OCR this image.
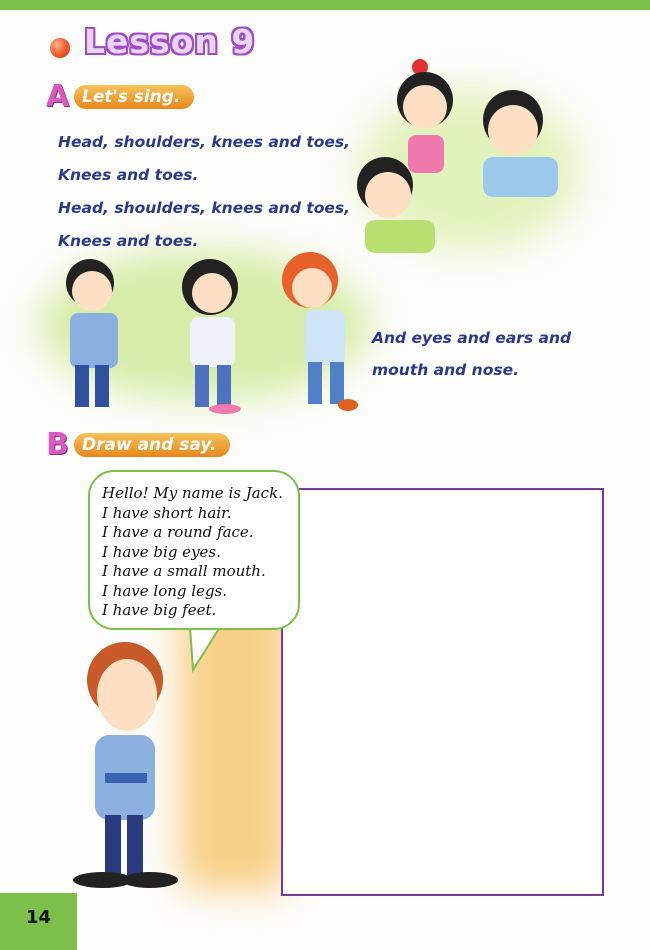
Lesson 9
A Let's sing.
Head, shoulders, knees and toes,
Knees and toes.
Head, shoulders, knees and toes,
Knees and toes.
And eyes and ears and
mouth and nose.
B Draw and say.
Hello! My name is Jack.
I have short hair.
I have a round face.
I have big eyes.
I have a small mouth.
I have long legs.
I have big feet.
14
